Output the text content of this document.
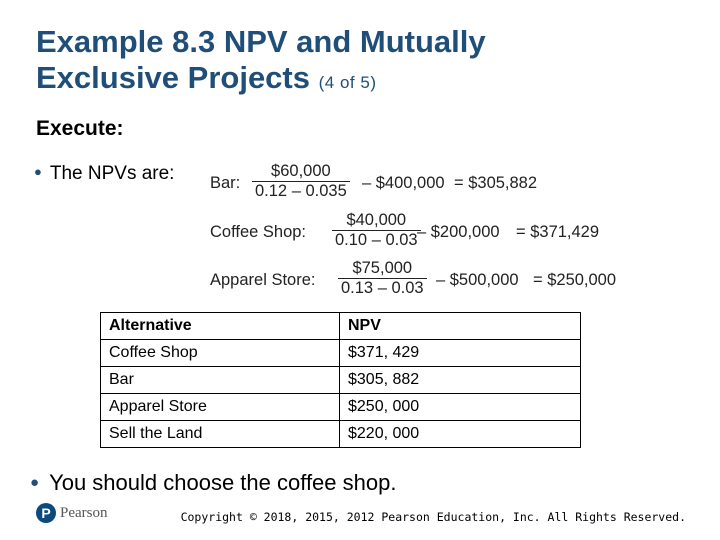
Example 8.3 NPV and Mutually
Exclusive Projects (4 of 5)
Execute:
● The NPVs are: Bar: $\frac{\$60,000}{0.12 - 0.035}$ – $400,000 = $305,882
Coffee Shop: $\frac{\$40,000}{0.10 - 0.03}$
– $200,000 = $371,429
Apparel Store: $\frac{\$75,000}{0.13 - 0.03}$ – $500,000 = $250,000
Alternative	NPV
Coffee Shop	$371, 429
Bar	$305, 882
Apparel Store	$250, 000
Sell the Land	$220, 000
● You should choose the coffee shop.
P Pearson	Copyright © 2018, 2015, 2012 Pearson Education, Inc. All Rights Reserved.
